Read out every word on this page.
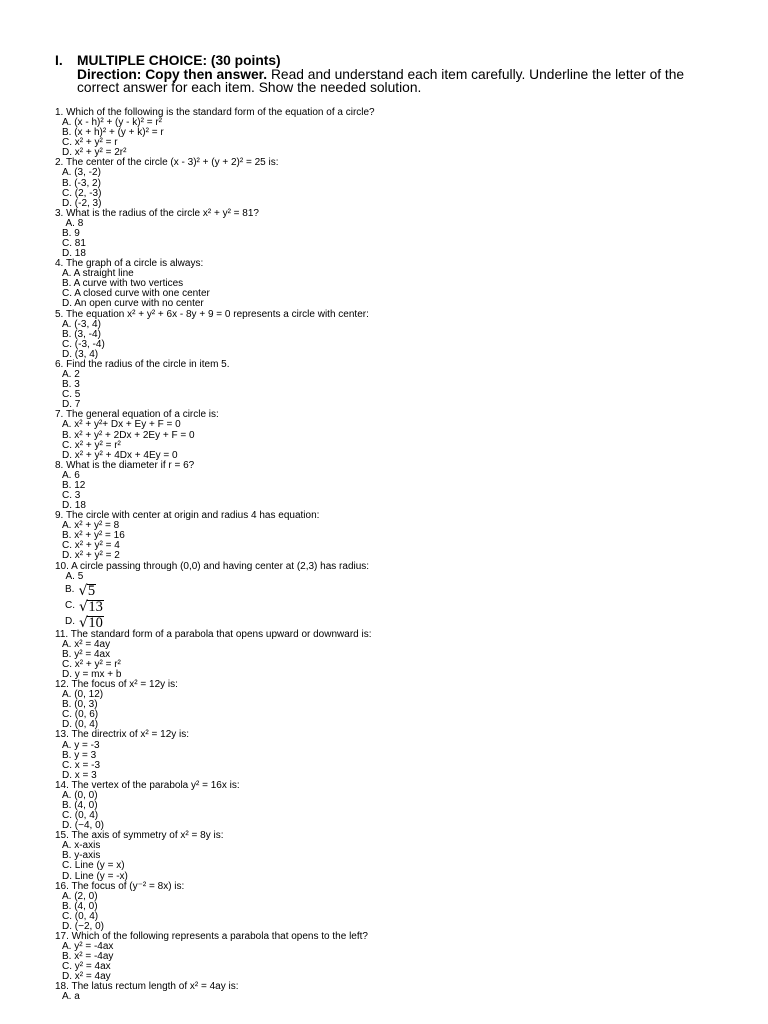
I. MULTIPLE CHOICE: (30 points)
Direction: Copy then answer. Read and understand each item carefully. Underline the letter of the
correct answer for each item. Show the needed solution.
1. Which of the following is the standard form of the equation of a circle?
A. (x - h)² + (y - k)² = r²
B. (x + h)² + (y + k)² = r
C. x² + y² = r
D. x² + y² = 2r²
2. The center of the circle (x - 3)² + (y + 2)² = 25 is:
A. (3, -2)
B. (-3, 2)
C. (2, -3)
D. (-2, 3)
3. What is the radius of the circle x² + y² = 81?
A. 8
B. 9
C. 81
D. 18
4. The graph of a circle is always:
A. A straight line
B. A curve with two vertices
C. A closed curve with one center
D. An open curve with no center
5. The equation x² + y² + 6x - 8y + 9 = 0 represents a circle with center:
A. (-3, 4)
B. (3, -4)
C. (-3, -4)
D. (3, 4)
6. Find the radius of the circle in item 5.
A. 2
B. 3
C. 5
D. 7
7. The general equation of a circle is:
A. x² + y²+ Dx + Ey + F = 0
B. x² + y² + 2Dx + 2Ey + F = 0
C. x² + y² = r²
D. x² + y² + 4Dx + 4Ey = 0
8. What is the diameter if r = 6?
A. 6
B. 12
C. 3
D. 18
9. The circle with center at origin and radius 4 has equation:
A. x² + y² = 8
B. x² + y² = 16
C. x² + y² = 4
D. x² + y² = 2
10. A circle passing through (0,0) and having center at (2,3) has radius:
A. 5
B. √ 5
C. √ 13
D. √ 10
11. The standard form of a parabola that opens upward or downward is:
A. x² = 4ay
B. y² = 4ax
C. x² + y² = r²
D. y = mx + b
12. The focus of x² = 12y is:
A. (0, 12)
B. (0, 3)
C. (0, 6)
D. (0, 4)
13. The directrix of x² = 12y is:
A. y = -3
B. y = 3
C. x = -3
D. x = 3
14. The vertex of the parabola y² = 16x is:
A. (0, 0)
B. (4, 0)
C. (0, 4)
D. (−4, 0)
15. The axis of symmetry of x² = 8y is:
A. x-axis
B. y-axis
C. Line (y = x)
D. Line (y = -x)
16. The focus of (y⁻² = 8x) is:
A. (2, 0)
B. (4, 0)
C. (0, 4)
D. (−2, 0)
17. Which of the following represents a parabola that opens to the left?
A. y² = -4ax
B. x² = -4ay
C. y² = 4ax
D. x² = 4ay
18. The latus rectum length of x² = 4ay is:
A. a
